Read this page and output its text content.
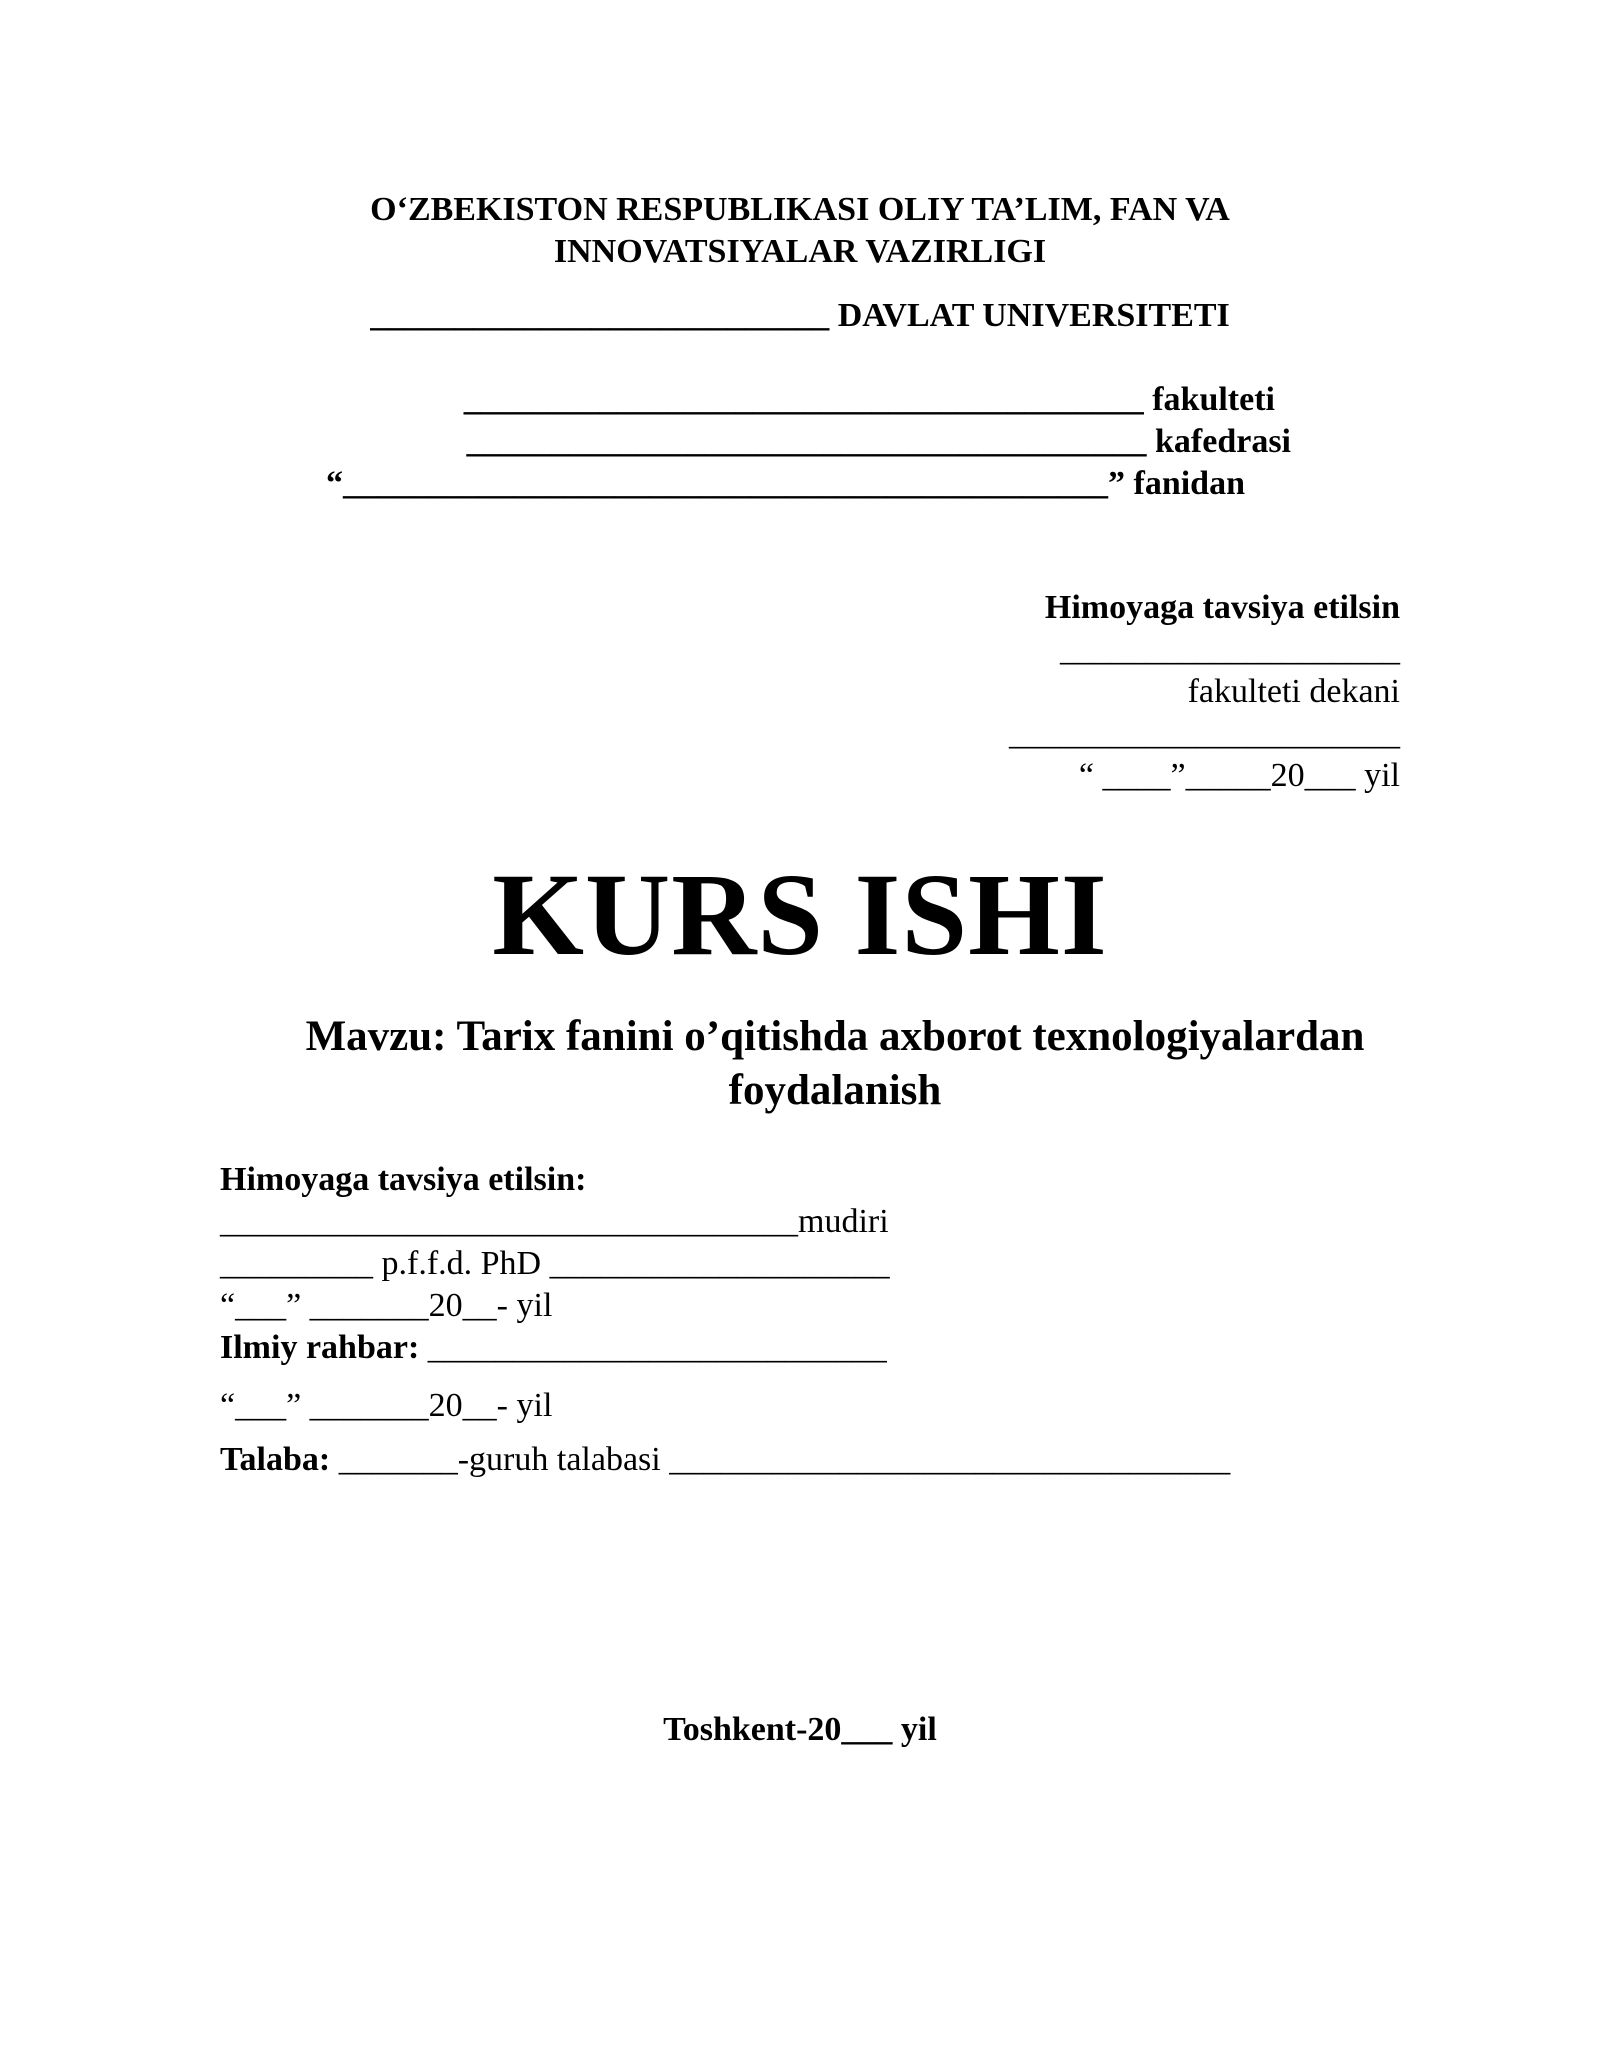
O‘ZBEKISTON RESPUBLIKASI OLIY TA’LIM, FAN VA
INNOVATSIYALAR VAZIRLIGI
___________________________ DAVLAT UNIVERSITETI
________________________________________ fakulteti
________________________________________ kafedrasi
“_____________________________________________” fanidan
Himoyaga tavsiya etilsin
____________________
fakulteti dekani
_______________________
“ ____”_____20___ yil
KURS ISHI
Mavzu: Tarix fanini o’qitishda axborot texnologiyalardan foydalanish
Himoyaga tavsiya etilsin:
__________________________________mudiri
_________ p.f.f.d. PhD ____________________
“___” _______20__- yil
Ilmiy rahbar: ___________________________
“___” _______20__- yil
Talaba: _______-guruh talabasi _________________________________
Toshkent-20___ yil
